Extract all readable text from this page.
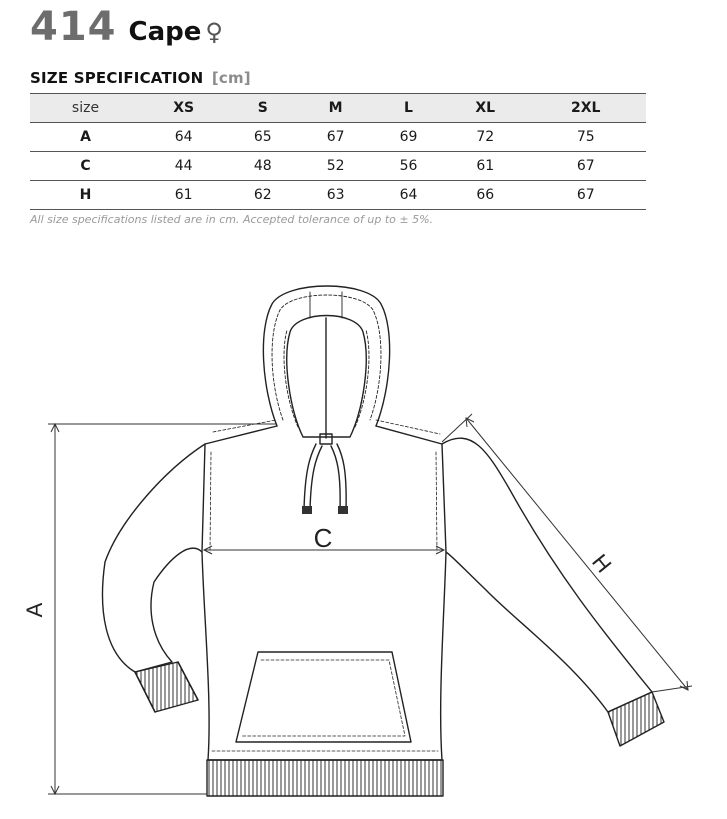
414 Cape ♀
SIZE SPECIFICATION [cm]
size	XS	S	M	L	XL	2XL
A	64	65	67	69	72	75
C	44	48	52	56	61	67
H	61	62	63	64	66	67
All size specifications listed are in cm. Accepted tolerance of up to ± 5%.
A
C
H
